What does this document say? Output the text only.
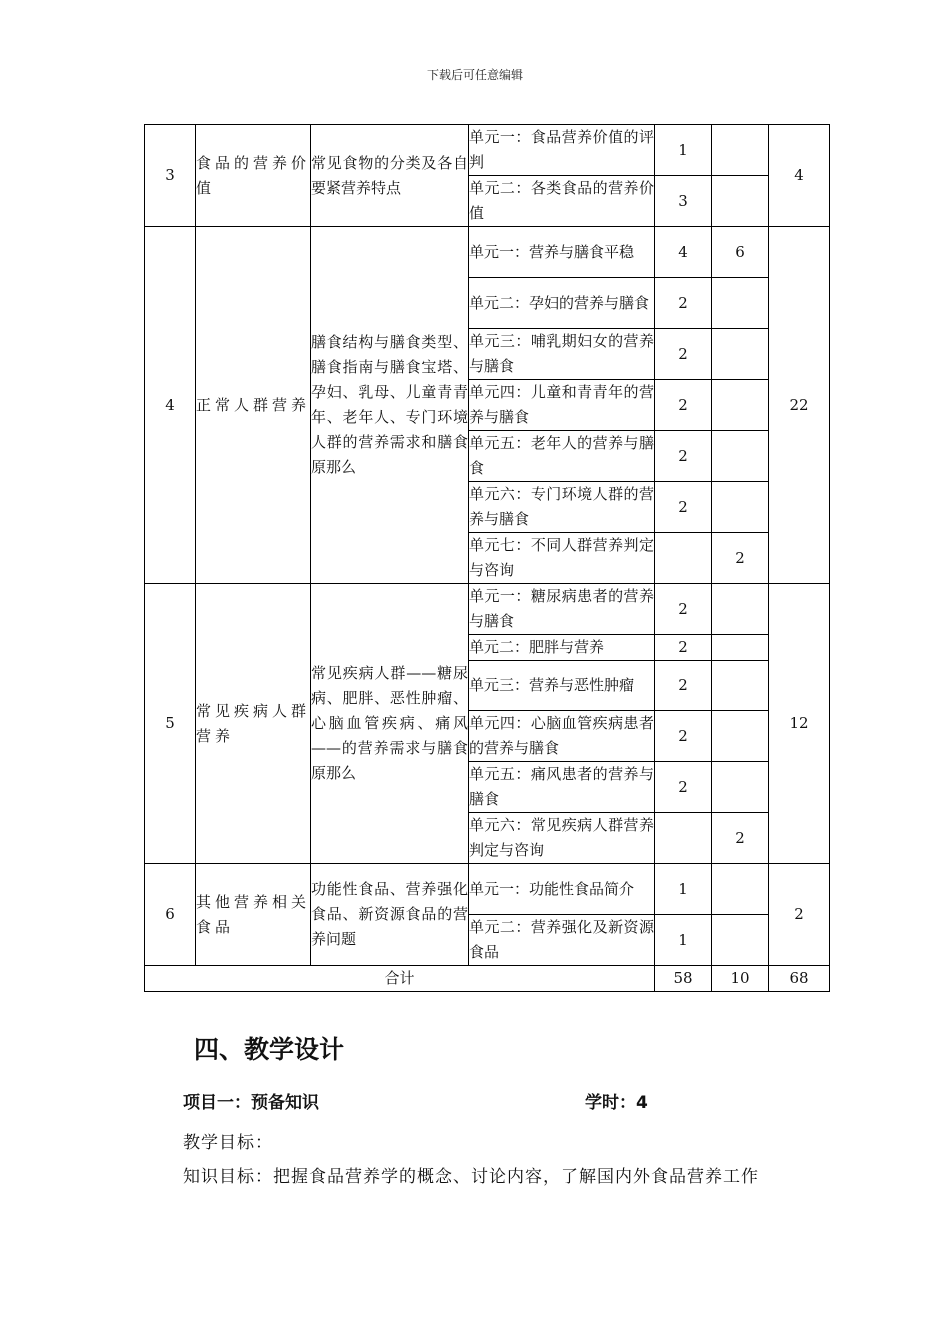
下载后可任意编辑
3	食品的营养价值	常见食物的分类及各自要紧营养特点	单元一：食品营养价值的评判	1		4
			单元二：各类食品的营养价值	3		
4	正常人群营养	膳食结构与膳食类型、膳食指南与膳食宝塔、孕妇、乳母、儿童青青年、老年人、专门环境人群的营养需求和膳食原那么	单元一：营养与膳食平稳	4	6	22
			单元二：孕妇的营养与膳食	2		
			单元三：哺乳期妇女的营养与膳食	2		
			单元四：儿童和青青年的营养与膳食	2		
			单元五：老年人的营养与膳食	2		
			单元六：专门环境人群的营养与膳食	2		
			单元七：不同人群营养判定与咨询		2	
5	常见疾病人群营养	常见疾病人群——糖尿病、肥胖、恶性肿瘤、心脑血管疾病、痛风——的营养需求与膳食原那么	单元一：糖尿病患者的营养与膳食	2		12
			单元二：肥胖与营养	2		
			单元三：营养与恶性肿瘤	2		
			单元四：心脑血管疾病患者的营养与膳食	2		
			单元五：痛风患者的营养与膳食	2		
			单元六：常见疾病人群营养判定与咨询		2	
6	其他营养相关食品	功能性食品、营养强化食品、新资源食品的营养问题	单元一：功能性食品简介	1		2
			单元二：营养强化及新资源食品	1		
合计				58	10	68
四、教学设计
项目一：预备知识	学时：4
教学目标：
知识目标：把握食品营养学的概念、讨论内容，了解国内外食品营养工作
